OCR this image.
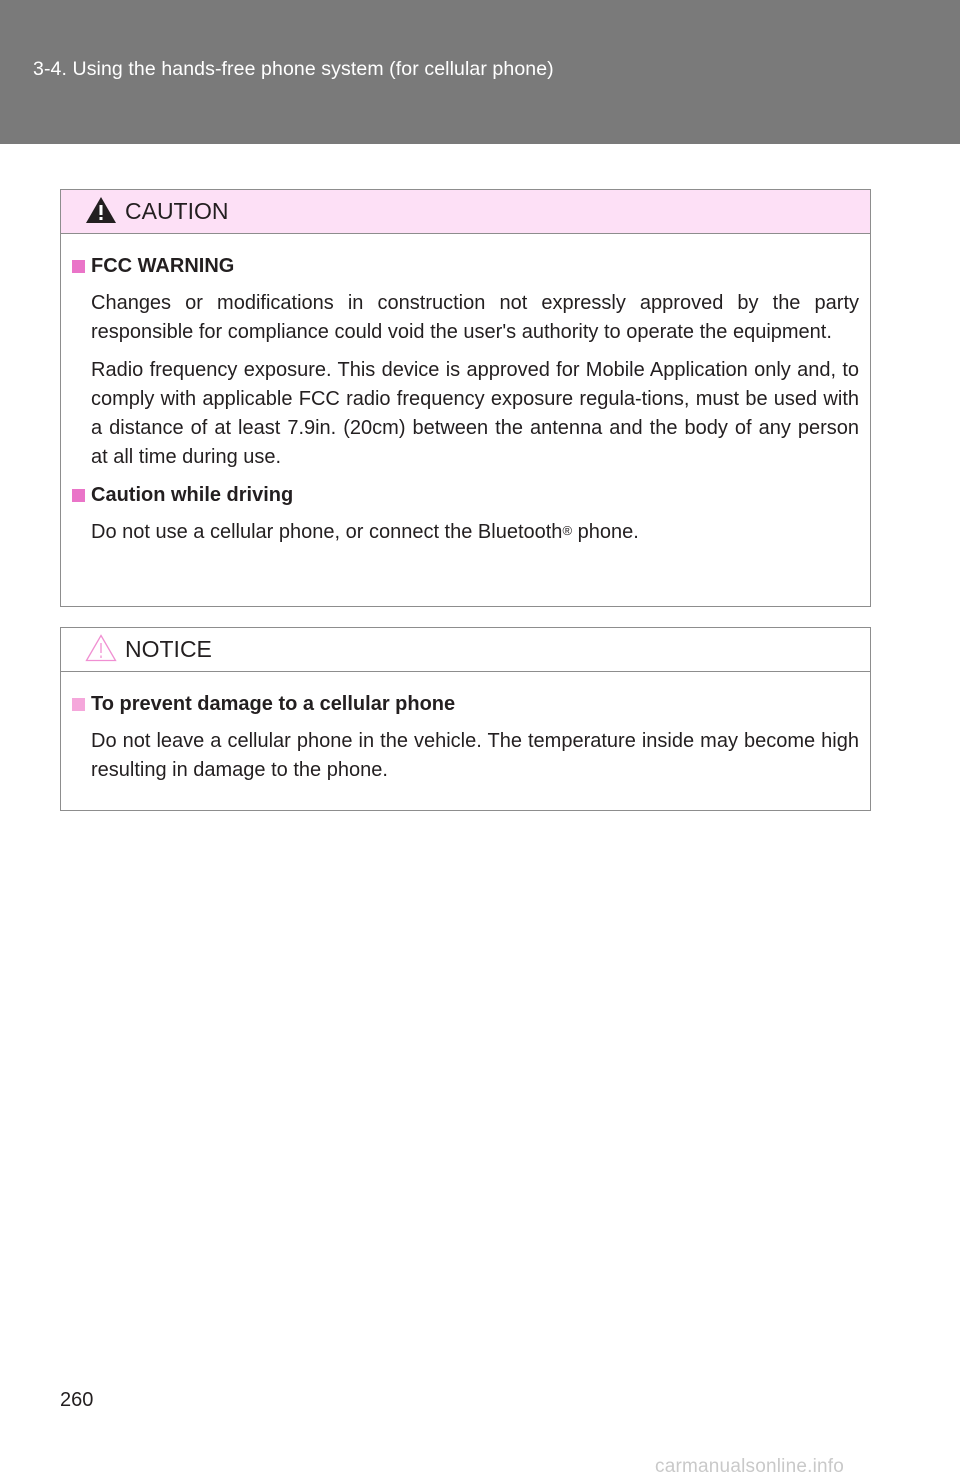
3-4. Using the hands-free phone system (for cellular phone)
CAUTION
FCC WARNING

Changes or modifications in construction not expressly approved by the party responsible for compliance could void the user's authority to operate the equipment.

Radio frequency exposure. This device is approved for Mobile Application only and, to comply with applicable FCC radio frequency exposure regula-tions, must be used with a distance of at least 7.9in. (20cm) between the antenna and the body of any person at all time during use.

Caution while driving

Do not use a cellular phone, or connect the Bluetooth® phone.

NOTICE
To prevent damage to a cellular phone

Do not leave a cellular phone in the vehicle. The temperature inside may become high resulting in damage to the phone.

260
carmanualsonline.info
